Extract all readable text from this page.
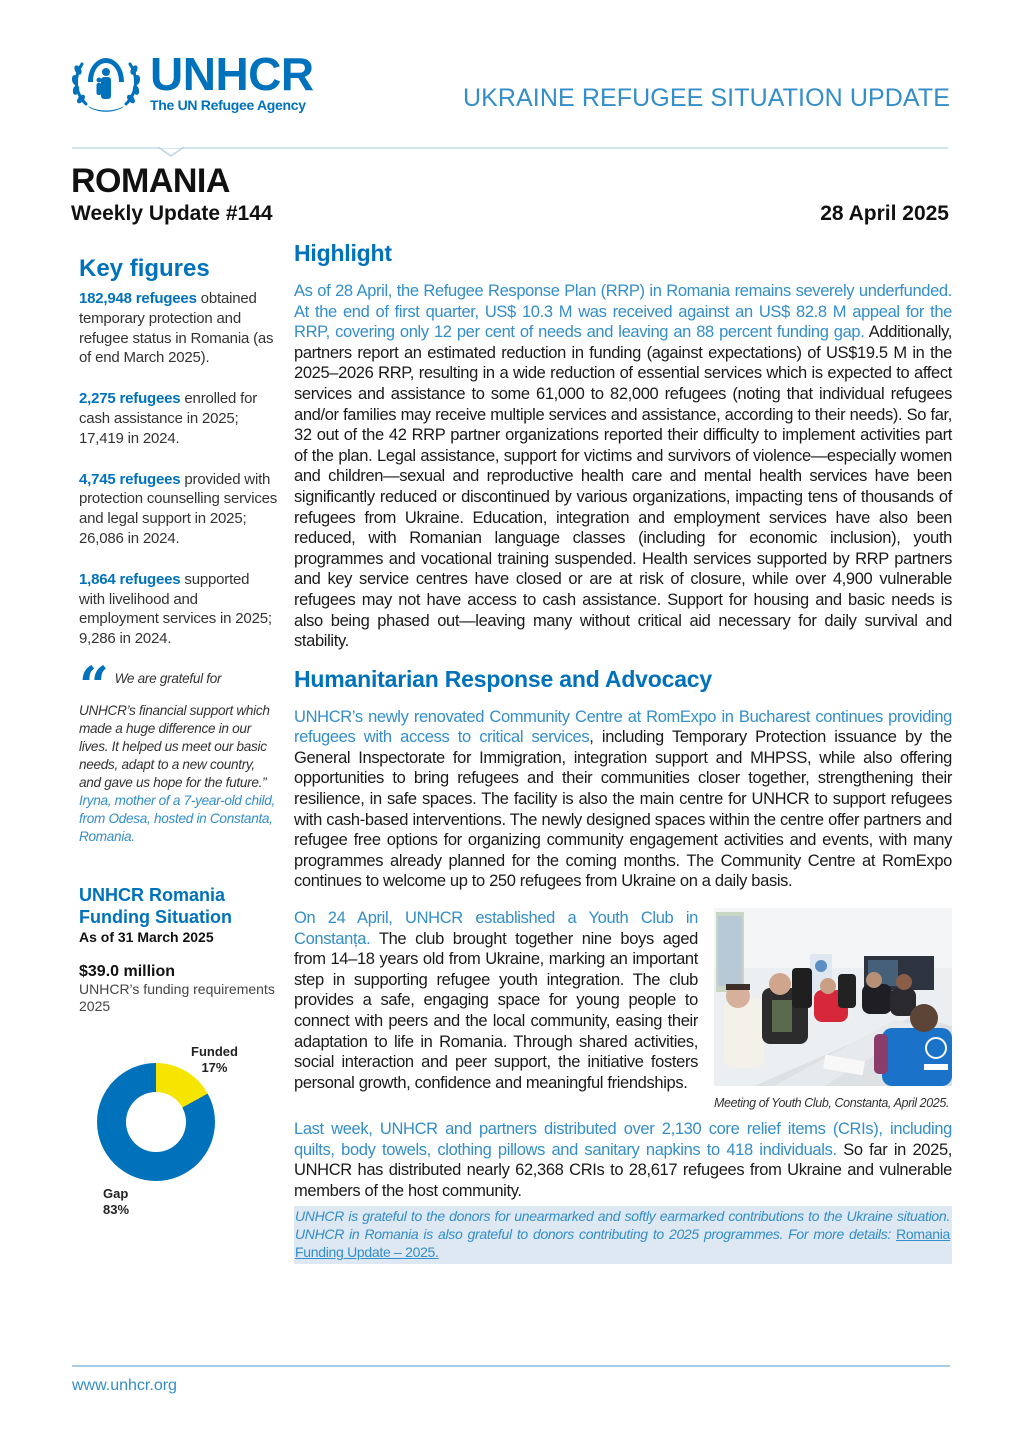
UNHCR
The UN Refugee Agency	UKRAINE REFUGEE SITUATION UPDATE
ROMANIA
Weekly Update #144	28 April 2025
Key figures
182,948 refugees obtained temporary protection and refugee status in Romania (as of end March 2025).
2,275 refugees enrolled for cash assistance in 2025; 17,419 in 2024.
4,745 refugees provided with protection counselling services and legal support in 2025; 26,086 in 2024.
1,864 refugees supported with livelihood and employment services in 2025; 9,286 in 2024.
“ We are grateful for UNHCR’s financial support which made a huge difference in our lives. It helped us meet our basic needs, adapt to a new country, and gave us hope for the future.” Iryna, mother of a 7-year-old child, from Odesa, hosted in Constanta, Romania.
UNHCR Romania Funding Situation
As of 31 March 2025
$39.0 million
UNHCR’s funding requirements 2025
Funded
17%
Gap
83%
Highlight

As of 28 April, the Refugee Response Plan (RRP) in Romania remains severely underfunded. At the end of first quarter, US$ 10.3 M was received against an US$ 82.8 M appeal for the RRP, covering only 12 per cent of needs and leaving an 88 percent funding gap. Additionally, partners report an estimated reduction in funding (against expectations) of US$19.5 M in the 2025–2026 RRP, resulting in a wide reduction of essential services which is expected to affect services and assistance to some 61,000 to 82,000 refugees (noting that individual refugees and/or families may receive multiple services and assistance, according to their needs). So far, 32 out of the 42 RRP partner organizations reported their difficulty to implement activities part of the plan. Legal assistance, support for victims and survivors of violence—especially women and children—sexual and reproductive health care and mental health services have been significantly reduced or discontinued by various organizations, impacting tens of thousands of refugees from Ukraine. Education, integration and employment services have also been reduced, with Romanian language classes (including for economic inclusion), youth programmes and vocational training suspended. Health services supported by RRP partners and key service centres have closed or are at risk of closure, while over 4,900 vulnerable refugees may not have access to cash assistance. Support for housing and basic needs is also being phased out—leaving many without critical aid necessary for daily survival and stability.

Humanitarian Response and Advocacy

UNHCR’s newly renovated Community Centre at RomExpo in Bucharest continues providing refugees with access to critical services, including Temporary Protection issuance by the General Inspectorate for Immigration, integration support and MHPSS, while also offering opportunities to bring refugees and their communities closer together, strengthening their resilience, in safe spaces. The facility is also the main centre for UNHCR to support refugees with cash-based interventions. The newly designed spaces within the centre offer partners and refugee free options for organizing community engagement activities and events, with many programmes already planned for the coming months. The Community Centre at RomExpo continues to welcome up to 250 refugees from Ukraine on a daily basis.

On 24 April, UNHCR established a Youth Club in Constanța. The club brought together nine boys aged from 14–18 years old from Ukraine, marking an important step in supporting refugee youth integration. The club provides a safe, engaging space for young people to connect with peers and the local community, easing their adaptation to life in Romania. Through shared activities, social interaction and peer support, the initiative fosters personal growth, confidence and meaningful friendships.

Meeting of Youth Club, Constanta, April 2025.

Last week, UNHCR and partners distributed over 2,130 core relief items (CRIs), including quilts, body towels, clothing pillows and sanitary napkins to 418 individuals. So far in 2025, UNHCR has distributed nearly 62,368 CRIs to 28,617 refugees from Ukraine and vulnerable members of the host community.

UNHCR is grateful to the donors for unearmarked and softly earmarked contributions to the Ukraine situation. UNHCR in Romania is also grateful to donors contributing to 2025 programmes. For more details: Romania Funding Update – 2025.
www.unhcr.org
